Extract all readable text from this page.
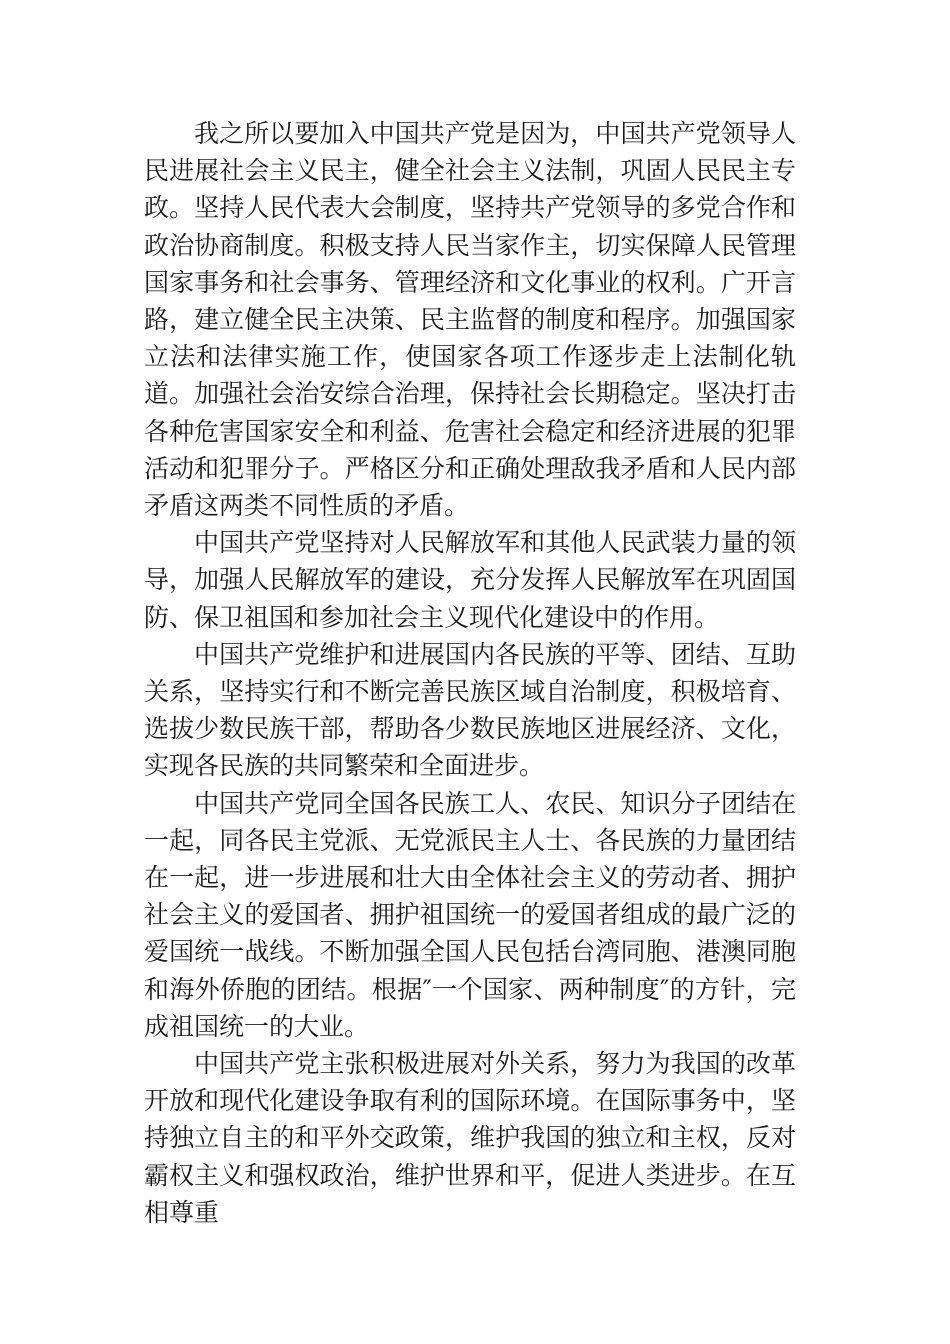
我之所以要加入中国共产党是因为，中国共产党领导人民进展社会主义民主，健全社会主义法制，巩固人民民主专政。坚持人民代表大会制度，坚持共产党领导的多党合作和政治协商制度。积极支持人民当家作主，切实保障人民管理国家事务和社会事务、管理经济和文化事业的权利。广开言路，建立健全民主决策、民主监督的制度和程序。加强国家立法和法律实施工作，使国家各项工作逐步走上法制化轨道。加强社会治安综合治理，保持社会长期稳定。坚决打击各种危害国家安全和利益、危害社会稳定和经济进展的犯罪活动和犯罪分子。严格区分和正确处理敌我矛盾和人民内部矛盾这两类不同性质的矛盾。

中国共产党坚持对人民解放军和其他人民武装力量的领导，加强人民解放军的建设，充分发挥人民解放军在巩固国防、保卫祖国和参加社会主义现代化建设中的作用。

中国共产党维护和进展国内各民族的平等、团结、互助关系，坚持实行和不断完善民族区域自治制度，积极培育、选拔少数民族干部，帮助各少数民族地区进展经济、文化，实现各民族的共同繁荣和全面进步。

中国共产党同全国各民族工人、农民、知识分子团结在一起，同各民主党派、无党派民主人士、各民族的力量团结在一起，进一步进展和壮大由全体社会主义的劳动者、拥护社会主义的爱国者、拥护祖国统一的爱国者组成的最广泛的爱国统一战线。不断加强全国人民包括台湾同胞、港澳同胞和海外侨胞的团结。根据″一个国家、两种制度″的方针，完成祖国统一的大业。

中国共产党主张积极进展对外关系，努力为我国的改革开放和现代化建设争取有利的国际环境。在国际事务中，坚持独立自主的和平外交政策，维护我国的独立和主权，反对霸权主义和强权政治，维护世界和平，促进人类进步。在互相尊重
